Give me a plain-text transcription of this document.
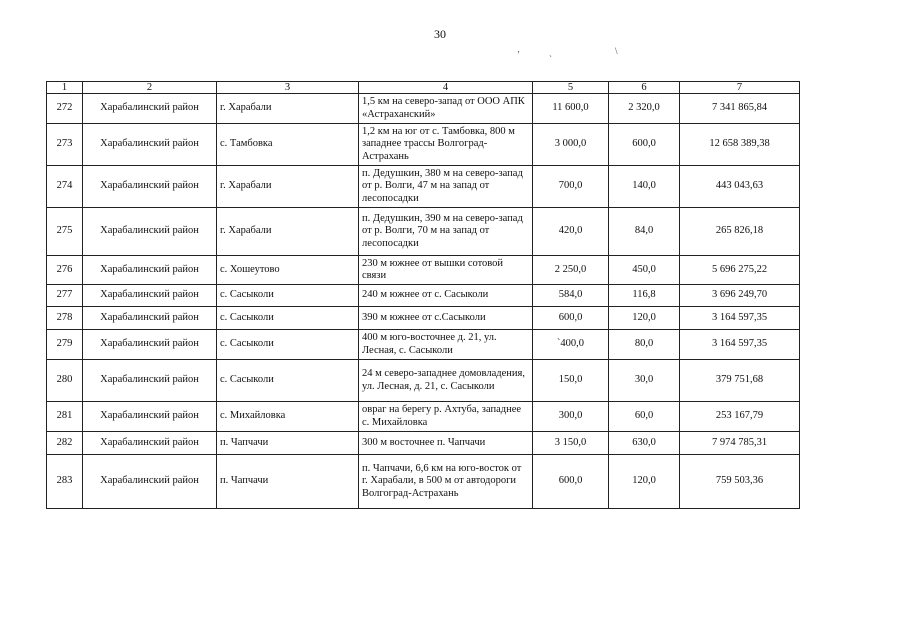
30
‚	ˎ	\
1	2	3	4	5	6	7
272	Харабалинский район	г. Харабали	1,5 км на северо-запад от ООО АПК «Астраханский»	11 600,0	2 320,0	7 341 865,84
273	Харабалинский район	с. Тамбовка	1,2 км на юг от с. Тамбовка, 800 м западнее трассы Волгоград-Астрахань	3 000,0	600,0	12 658 389,38
274	Харабалинский район	г. Харабали	п. Дедушкин, 380 м на северо-запад от р. Волги, 47 м на запад от лесопосадки	700,0	140,0	443 043,63
275	Харабалинский район	г. Харабали	п. Дедушкин, 390 м на северо-запад от р. Волги, 70 м на запад от лесопосадки	420,0	84,0	265 826,18
276	Харабалинский район	с. Хошеутово	230 м южнее от вышки сотовой связи	2 250,0	450,0	5 696 275,22
277	Харабалинский район	с. Сасыколи	240 м южнее от с. Сасыколи	584,0	116,8	3 696 249,70
278	Харабалинский район	с. Сасыколи	390 м южнее от с.Сасыколи	600,0	120,0	3 164 597,35
279	Харабалинский район	с. Сасыколи	400 м юго-восточнее д. 21, ул. Лесная, с. Сасыколи	`400,0	80,0	3 164 597,35
280	Харабалинский район	с. Сасыколи	24 м северо-западнее домовладения, ул. Лесная, д. 21, с. Сасыколи	150,0	30,0	379 751,68
281	Харабалинский район	с. Михайловка	овраг на берегу р. Ахтуба, западнее с. Михайловка	300,0	60,0	253 167,79
282	Харабалинский район	п. Чапчачи	300 м восточнее п. Чапчачи	3 150,0	630,0	7 974 785,31
283	Харабалинский район	п. Чапчачи	п. Чапчачи, 6,6 км на юго-восток от г. Харабали, в 500 м от автодороги Волгоград-Астрахань	600,0	120,0	759 503,36
